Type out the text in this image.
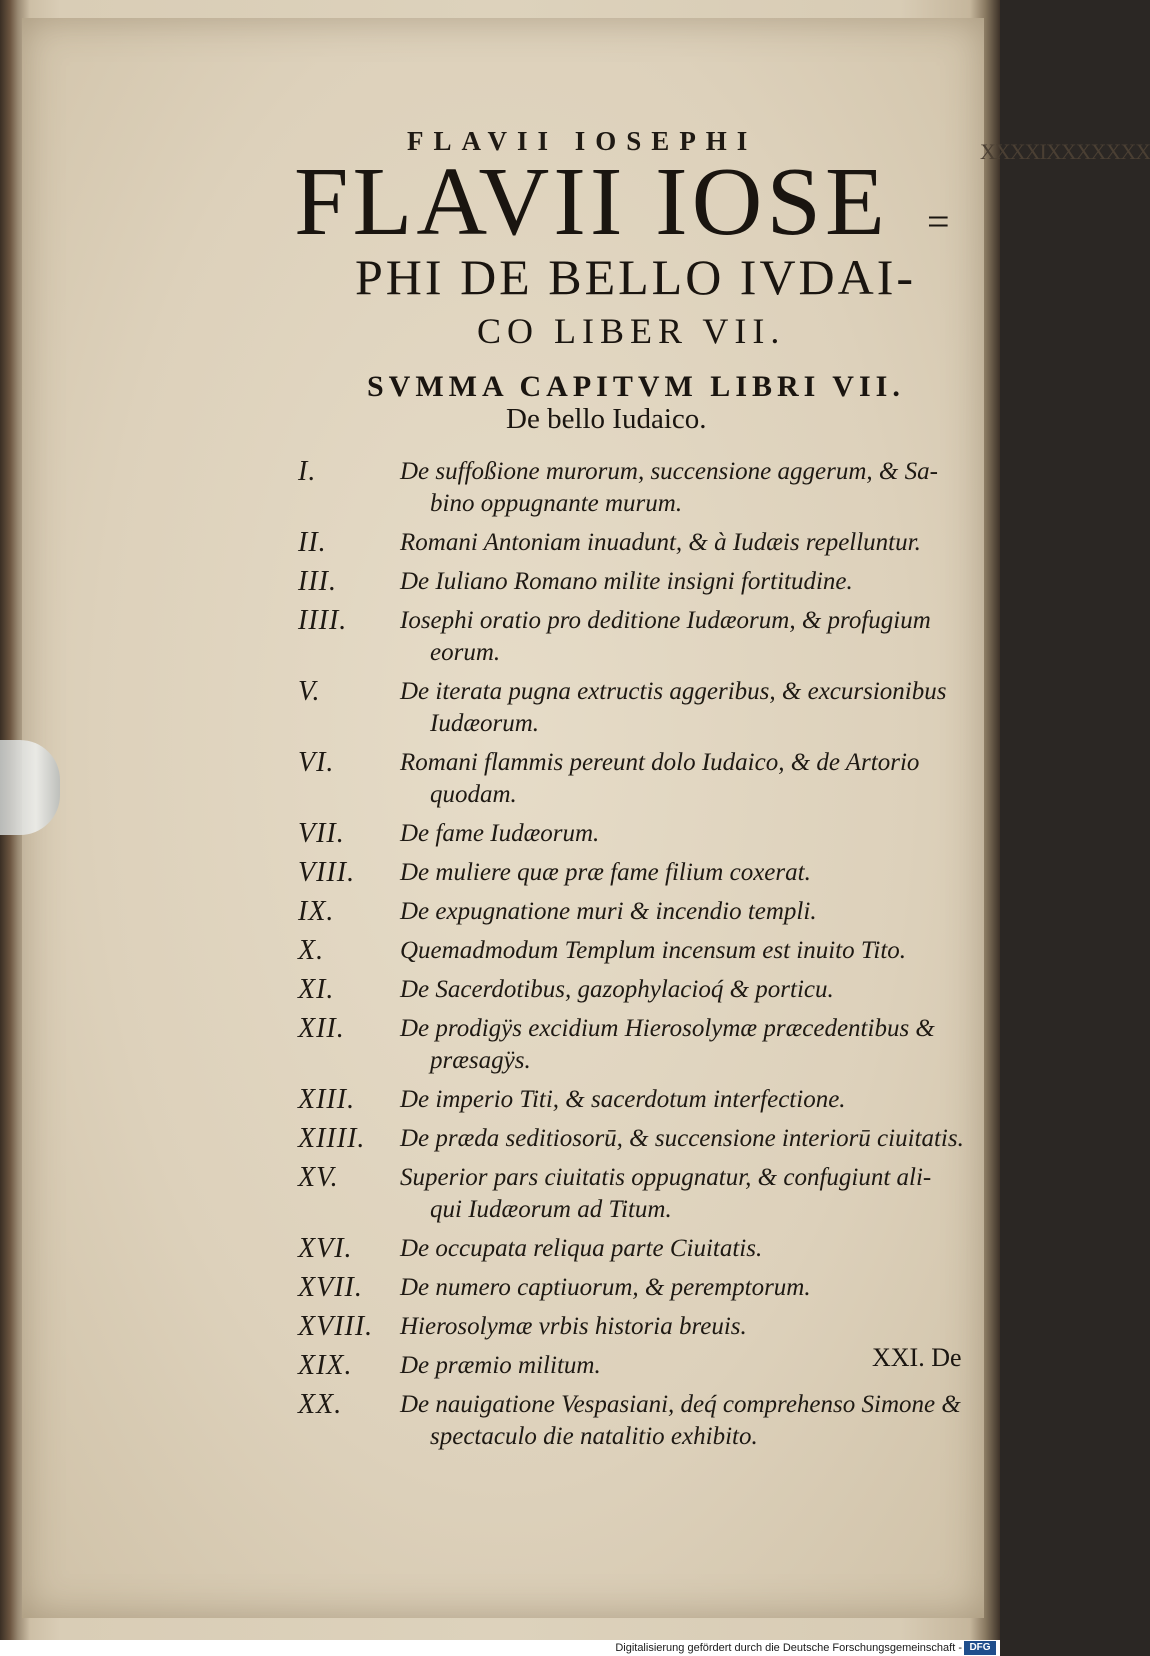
FLAVII IOSEPHI
FLAVII IOSE =
PHI DE BELLO IVDAI-
CO LIBER VII.
SVMMA CAPITVM LIBRI VII.
De bello Iudaico.
I.	De suffoßione murorum, succensione aggerum, & Sa-
bino oppugnante murum.
II.	Romani Antoniam inuadunt, & à Iudæis repelluntur.
III.	De Iuliano Romano milite insigni fortitudine.
IIII. Iosephi oratio pro deditione Iudæorum, & profugium
eorum.
V.	De iterata pugna extructis aggeribus, & excursionibus
Iudæorum.
VI.	Romani flammis pereunt dolo Iudaico, & de Artorio
quodam.
VII. De fame Iudæorum.
VIII. De muliere quæ præ fame filium coxerat.
IX.	De expugnatione muri & incendio templi.
X.	Quemadmodum Templum incensum est inuito Tito.
XI.	De Sacerdotibus, gazophylacioq́ & porticu.
XII. De prodigÿs excidium Hierosolymæ præcedentibus &
præsagÿs.
XIII. De imperio Titi, & sacerdotum interfectione.
XIIII. De præda seditiosorū, & succensione interiorū ciuitatis.
XV. Superior pars ciuitatis oppugnatur, & confugiunt ali-
qui Iudæorum ad Titum.
XVI. De occupata reliqua parte Ciuitatis.
XVII. De numero captiuorum, & peremptorum.
XVIII. Hierosolymæ vrbis historia breuis.
XIX. De præmio militum.
XX. De nauigatione Vespasiani, deq́ comprehenso Simone &
spectaculo die natalitio exhibito.
XXI. De
XXXXIXXXXXXX
Digitalisierung gefördert durch die Deutsche Forschungsgemeinschaft - DFG
